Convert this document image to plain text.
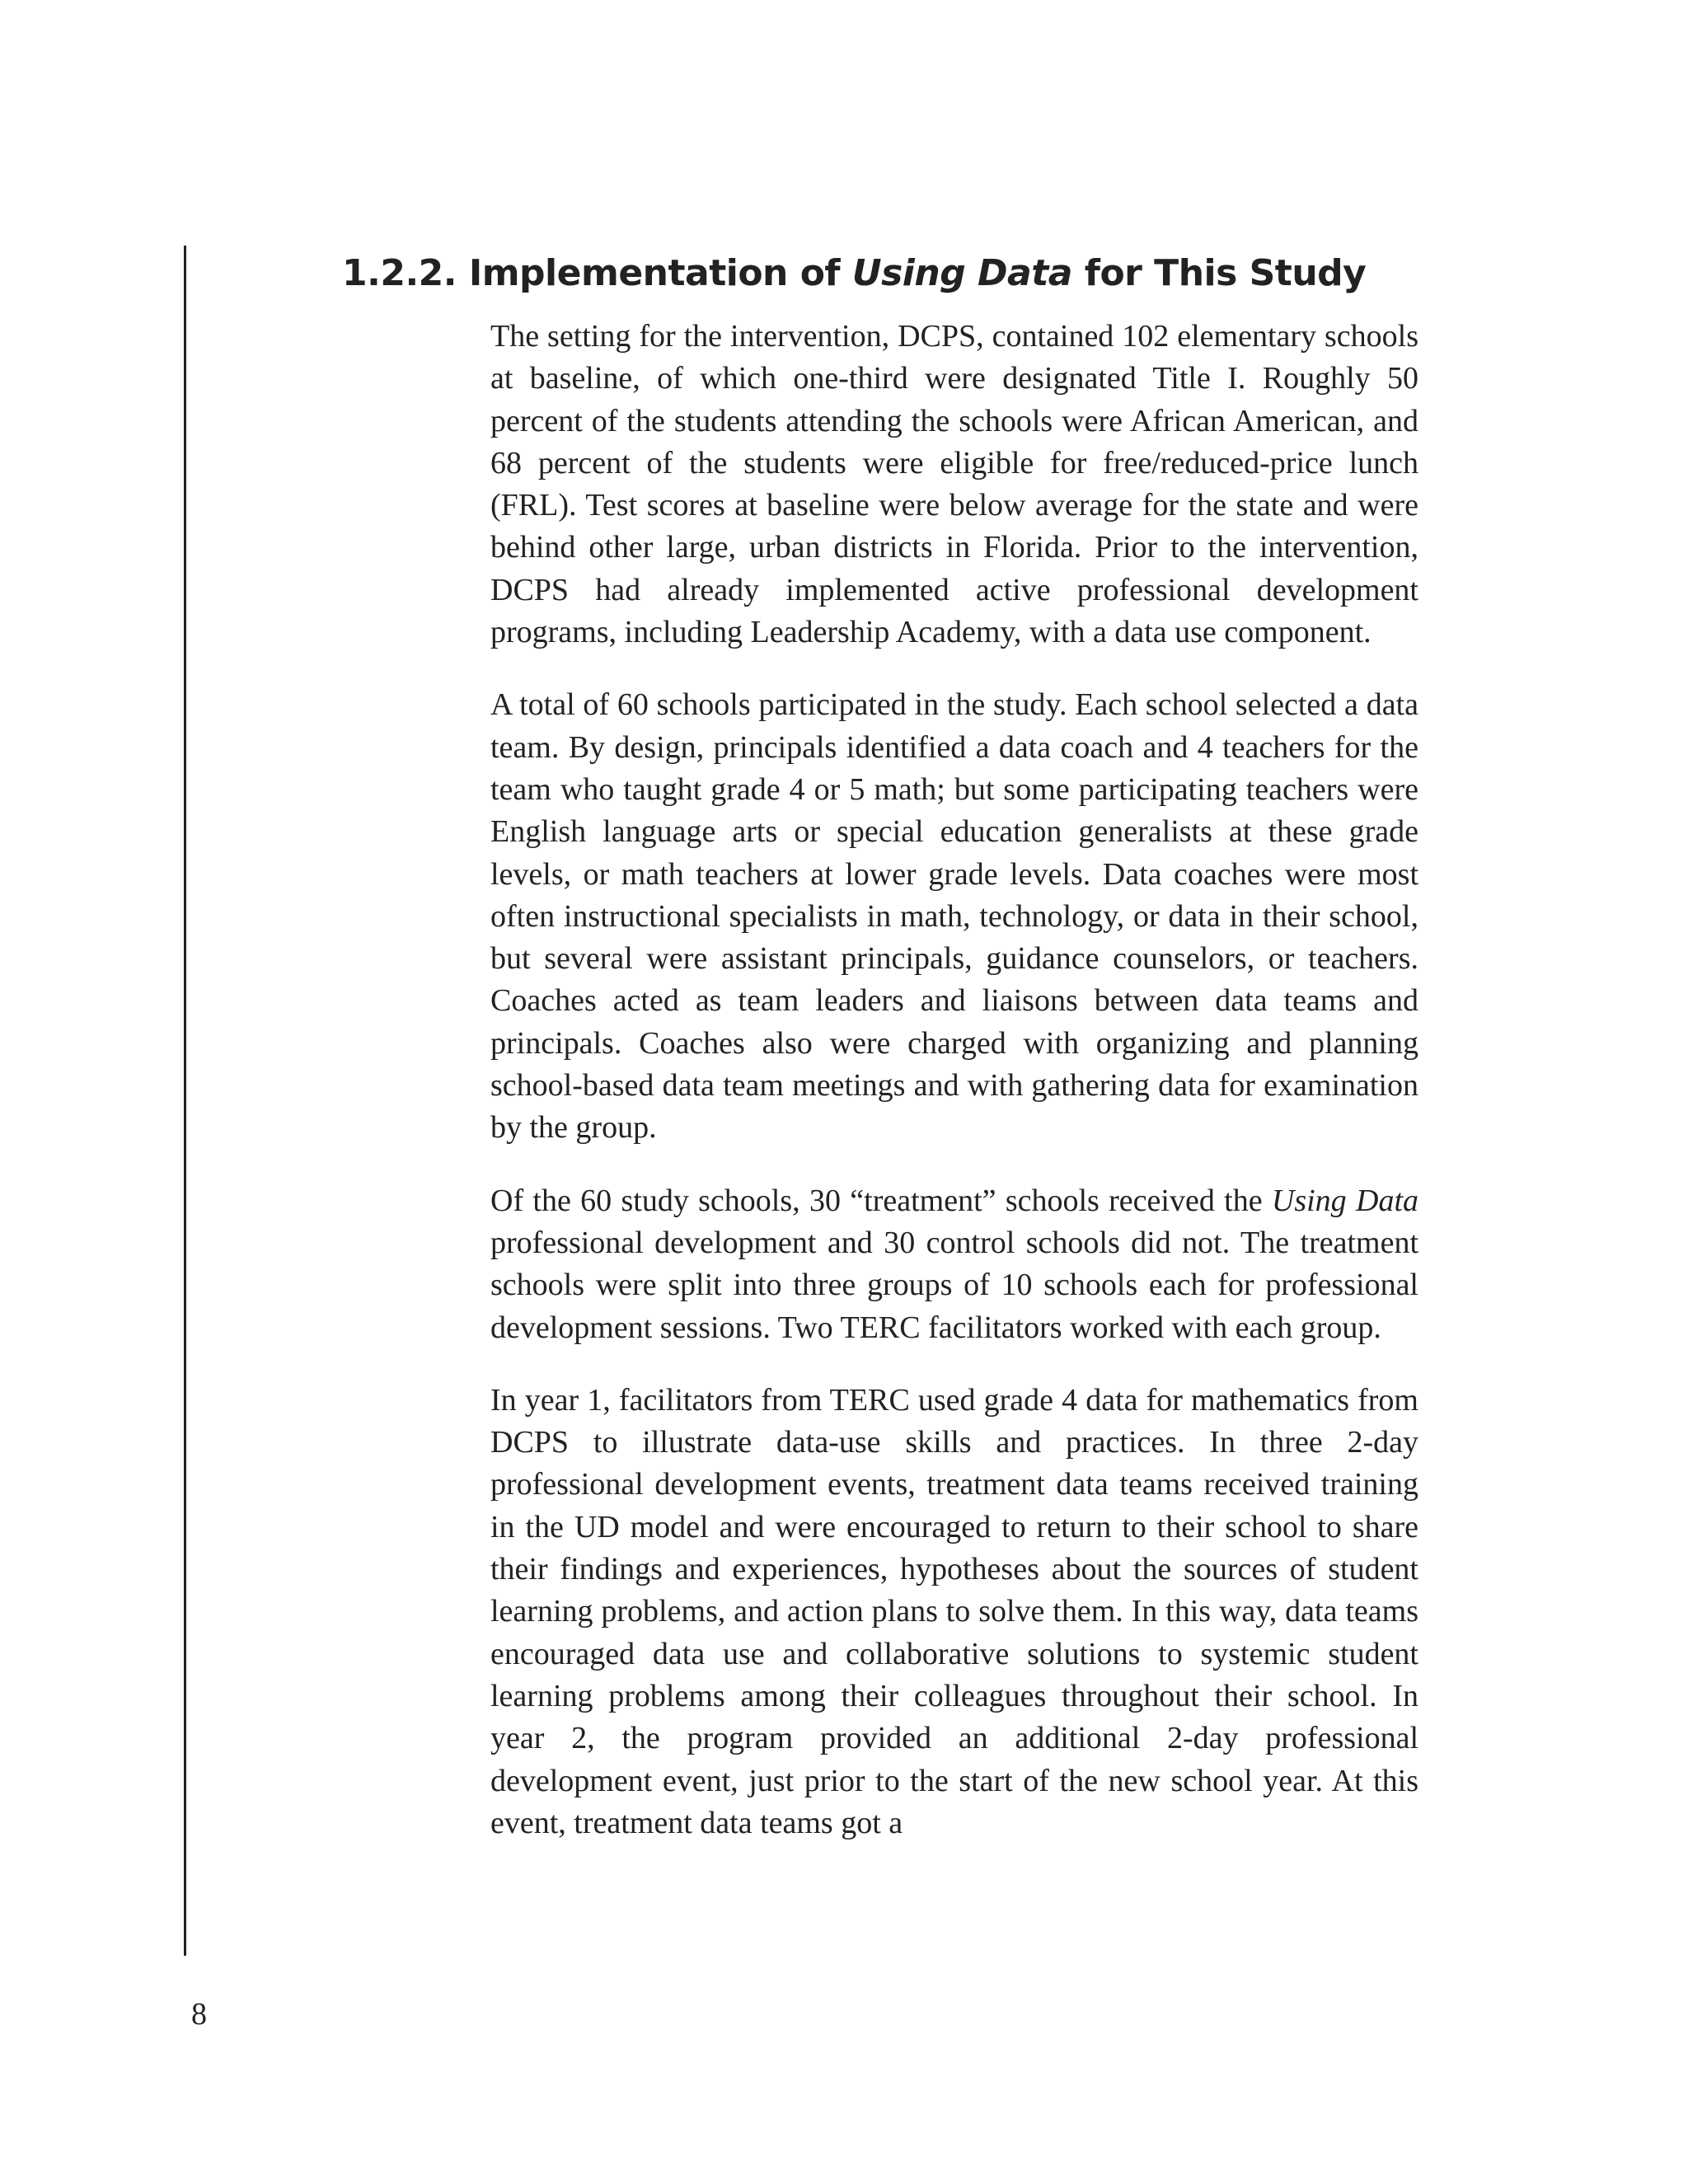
1.2.2. Implementation of Using Data for This Study

The setting for the intervention, DCPS, contained 102 elementary schools at baseline, of which one-third were designated Title I. Roughly 50 percent of the students attending the schools were African American, and 68 percent of the students were eligible for free/reduced-price lunch (FRL). Test scores at baseline were below average for the state and were behind other large, urban districts in Florida. Prior to the intervention, DCPS had already implemented active professional development programs, including Leadership Academy, with a data use component.

A total of 60 schools participated in the study. Each school selected a data team. By design, principals identified a data coach and 4 teachers for the team who taught grade 4 or 5 math; but some participating teachers were English language arts or special education generalists at these grade levels, or math teachers at lower grade levels. Data coaches were most often instructional specialists in math, technology, or data in their school, but several were assistant principals, guidance counselors, or teachers. Coaches acted as team leaders and liaisons between data teams and principals. Coaches also were charged with organizing and planning school-based data team meetings and with gathering data for examination by the group.

Of the 60 study schools, 30 “treatment” schools received the Using Data professional development and 30 control schools did not. The treatment schools were split into three groups of 10 schools each for professional development sessions. Two TERC facilitators worked with each group.

In year 1, facilitators from TERC used grade 4 data for mathematics from DCPS to illustrate data-use skills and practices. In three 2-day professional development events, treatment data teams received training in the UD model and were encouraged to return to their school to share their findings and experiences, hypotheses about the sources of student learning problems, and action plans to solve them. In this way, data teams encouraged data use and collaborative solutions to systemic student learning problems among their colleagues throughout their school. In year 2, the program provided an additional 2-day professional development event, just prior to the start of the new school year. At this event, treatment data teams got a

8
